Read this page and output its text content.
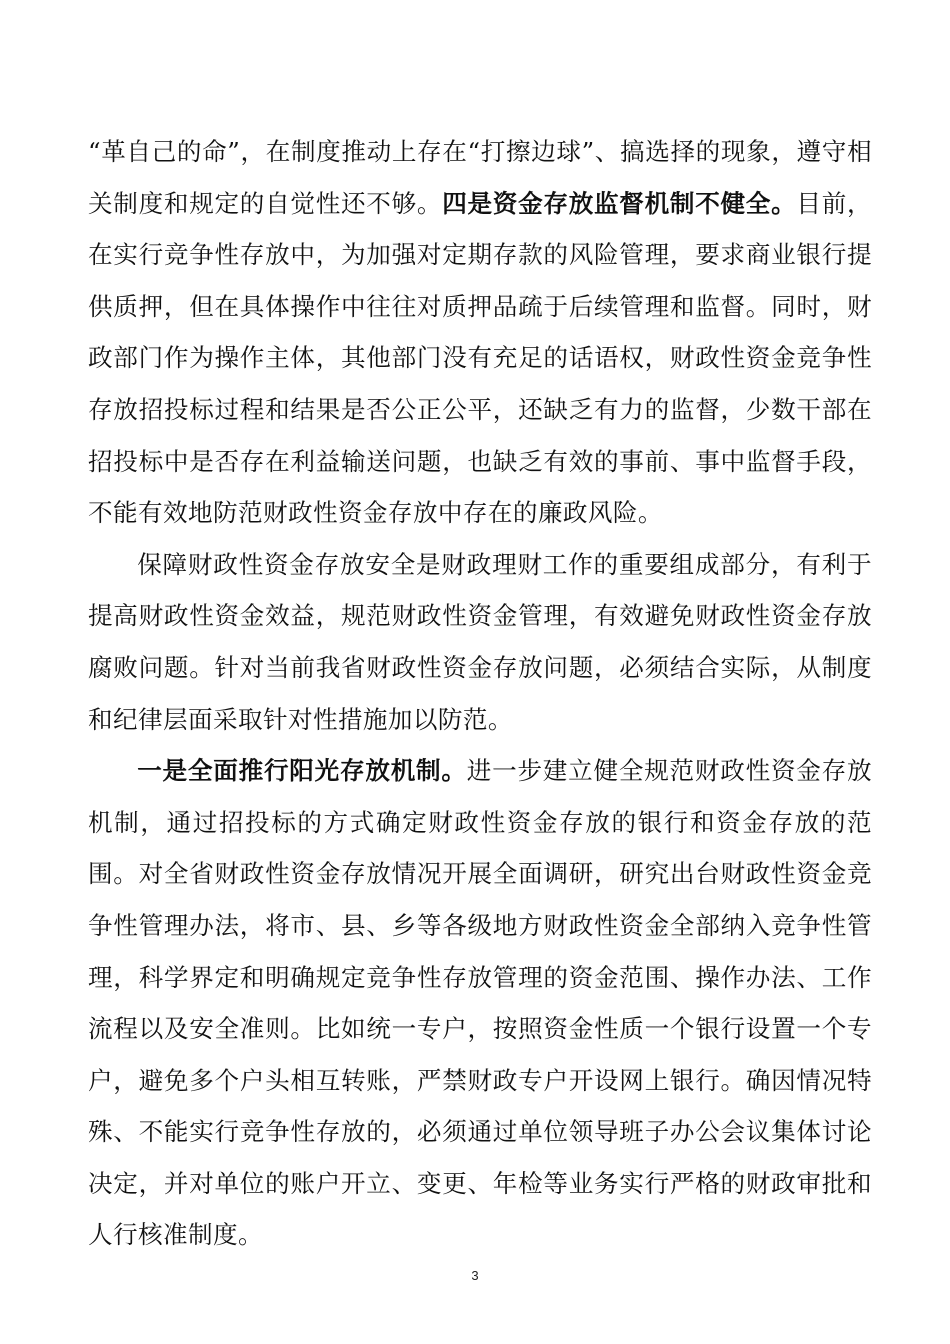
“革自己的命”，在制度推动上存在“打擦边球”、搞选择的现象，遵守相关制度和规定的自觉性还不够。四是资金存放监督机制不健全。目前，在实行竞争性存放中，为加强对定期存款的风险管理，要求商业银行提供质押，但在具体操作中往往对质押品疏于后续管理和监督。同时，财政部门作为操作主体，其他部门没有充足的话语权，财政性资金竞争性存放招投标过程和结果是否公正公平，还缺乏有力的监督，少数干部在招投标中是否存在利益输送问题，也缺乏有效的事前、事中监督手段，不能有效地防范财政性资金存放中存在的廉政风险。

保障财政性资金存放安全是财政理财工作的重要组成部分，有利于提高财政性资金效益，规范财政性资金管理，有效避免财政性资金存放腐败问题。针对当前我省财政性资金存放问题，必须结合实际，从制度和纪律层面采取针对性措施加以防范。

一是全面推行阳光存放机制。进一步建立健全规范财政性资金存放机制，通过招投标的方式确定财政性资金存放的银行和资金存放的范围。对全省财政性资金存放情况开展全面调研，研究出台财政性资金竞争性管理办法，将市、县、乡等各级地方财政性资金全部纳入竞争性管理，科学界定和明确规定竞争性存放管理的资金范围、操作办法、工作流程以及安全准则。比如统一专户，按照资金性质一个银行设置一个专户，避免多个户头相互转账，严禁财政专户开设网上银行。确因情况特殊、不能实行竞争性存放的，必须通过单位领导班子办公会议集体讨论决定，并对单位的账户开立、变更、年检等业务实行严格的财政审批和人行核准制度。

3
